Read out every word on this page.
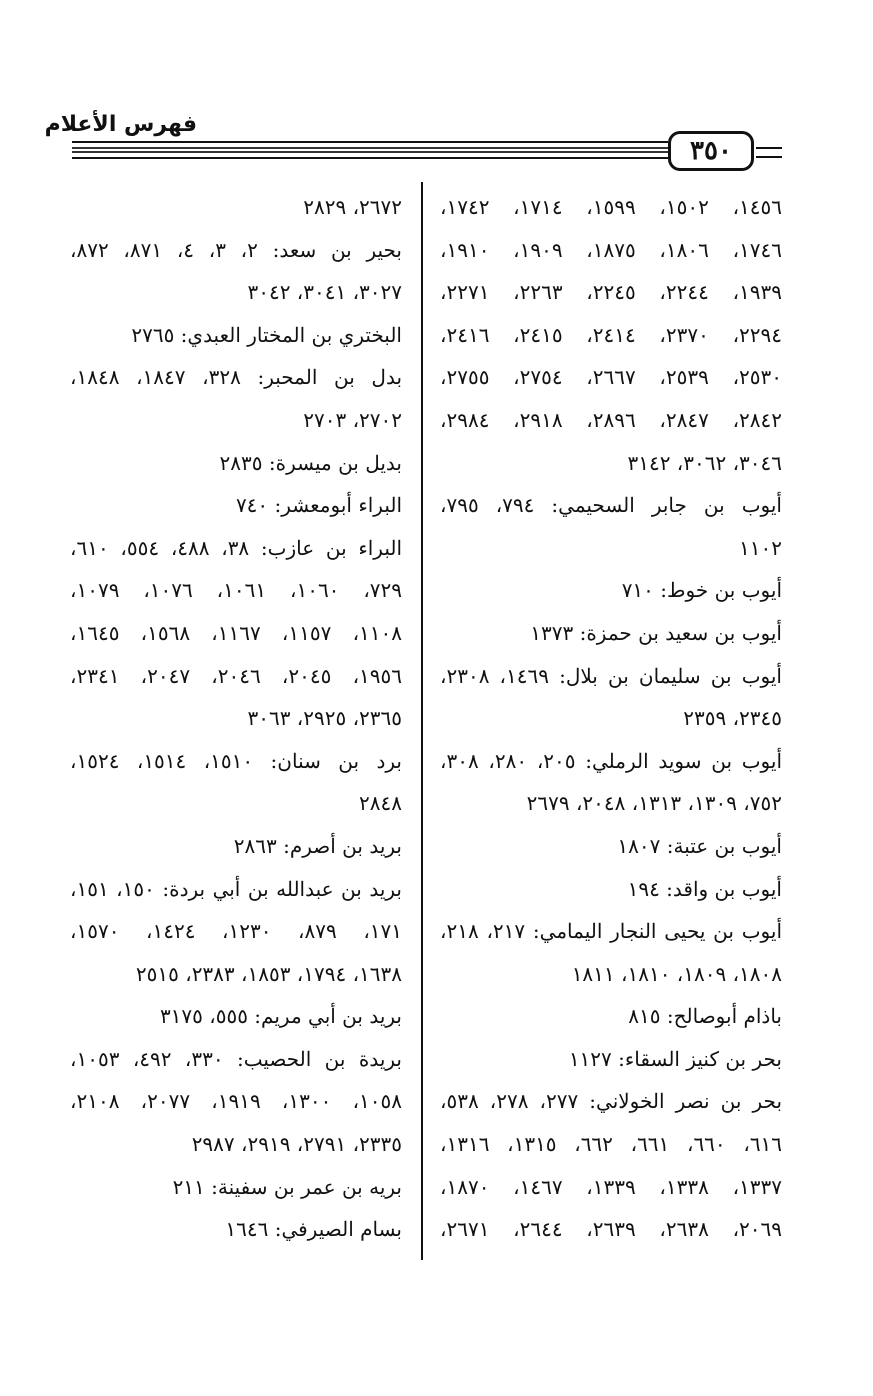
فهرس الأعلام
٣٥٠
١٤٥٦، ١٥٠٢، ١٥٩٩، ١٧١٤، ١٧٤٢،
١٧٤٦، ١٨٠٦، ١٨٧٥، ١٩٠٩، ١٩١٠،
١٩٣٩، ٢٢٤٤، ٢٢٤٥، ٢٢٦٣، ٢٢٧١،
٢٢٩٤، ٢٣٧٠، ٢٤١٤، ٢٤١٥، ٢٤١٦،
٢٥٣٠، ٢٥٣٩، ٢٦٦٧، ٢٧٥٤، ٢٧٥٥،
٢٨٤٢، ٢٨٤٧، ٢٨٩٦، ٢٩١٨، ٢٩٨٤،
٣٠٤٦، ٣٠٦٢، ٣١٤٢
أيوب بن جابر السحيمي: ٧٩٤، ٧٩٥،
١١٠٢
أيوب بن خوط: ٧١٠
أيوب بن سعيد بن حمزة: ١٣٧٣
أيوب بن سليمان بن بلال: ١٤٦٩، ٢٣٠٨،
٢٣٤٥، ٢٣٥٩
أيوب بن سويد الرملي: ٢٠٥، ٢٨٠، ٣٠٨،
٧٥٢، ١٣٠٩، ١٣١٣، ٢٠٤٨، ٢٦٧٩
أيوب بن عتبة: ١٨٠٧
أيوب بن واقد: ١٩٤
أيوب بن يحيى النجار اليمامي: ٢١٧، ٢١٨،
١٨٠٨، ١٨٠٩، ١٨١٠، ١٨١١
باذام أبوصالح: ٨١٥
بحر بن كنيز السقاء: ١١٢٧
بحر بن نصر الخولاني: ٢٧٧، ٢٧٨، ٥٣٨،
٦١٦، ٦٦٠، ٦٦١، ٦٦٢، ١٣١٥، ١٣١٦،
١٣٣٧، ١٣٣٨، ١٣٣٩، ١٤٦٧، ١٨٧٠،
٢٠٦٩، ٢٦٣٨، ٢٦٣٩، ٢٦٤٤، ٢٦٧١،
٢٦٧٢، ٢٨٢٩
بحير بن سعد: ٢، ٣، ٤، ٨٧١، ٨٧٢،
٣٠٢٧، ٣٠٤١، ٣٠٤٢
البختري بن المختار العبدي: ٢٧٦٥
بدل بن المحبر: ٣٢٨، ١٨٤٧، ١٨٤٨،
٢٧٠٢، ٢٧٠٣
بديل بن ميسرة: ٢٨٣٥
البراء أبومعشر: ٧٤٠
البراء بن عازب: ٣٨، ٤٨٨، ٥٥٤، ٦١٠،
٧٢٩، ١٠٦٠، ١٠٦١، ١٠٧٦، ١٠٧٩،
١١٠٨، ١١٥٧، ١١٦٧، ١٥٦٨، ١٦٤٥،
١٩٥٦، ٢٠٤٥، ٢٠٤٦، ٢٠٤٧، ٢٣٤١،
٢٣٦٥، ٢٩٢٥، ٣٠٦٣
برد بن سنان: ١٥١٠، ١٥١٤، ١٥٢٤،
٢٨٤٨
بريد بن أصرم: ٢٨٦٣
بريد بن عبدالله بن أبي بردة: ١٥٠، ١٥١،
١٧١، ٨٧٩، ١٢٣٠، ١٤٢٤، ١٥٧٠،
١٦٣٨، ١٧٩٤، ١٨٥٣، ٢٣٨٣، ٢٥١٥
بريد بن أبي مريم: ٥٥٥، ٣١٧٥
بريدة بن الحصيب: ٣٣٠، ٤٩٢، ١٠٥٣،
١٠٥٨، ١٣٠٠، ١٩١٩، ٢٠٧٧، ٢١٠٨،
٢٣٣٥، ٢٧٩١، ٢٩١٩، ٢٩٨٧
بريه بن عمر بن سفينة: ٢١١
بسام الصيرفي: ١٦٤٦
